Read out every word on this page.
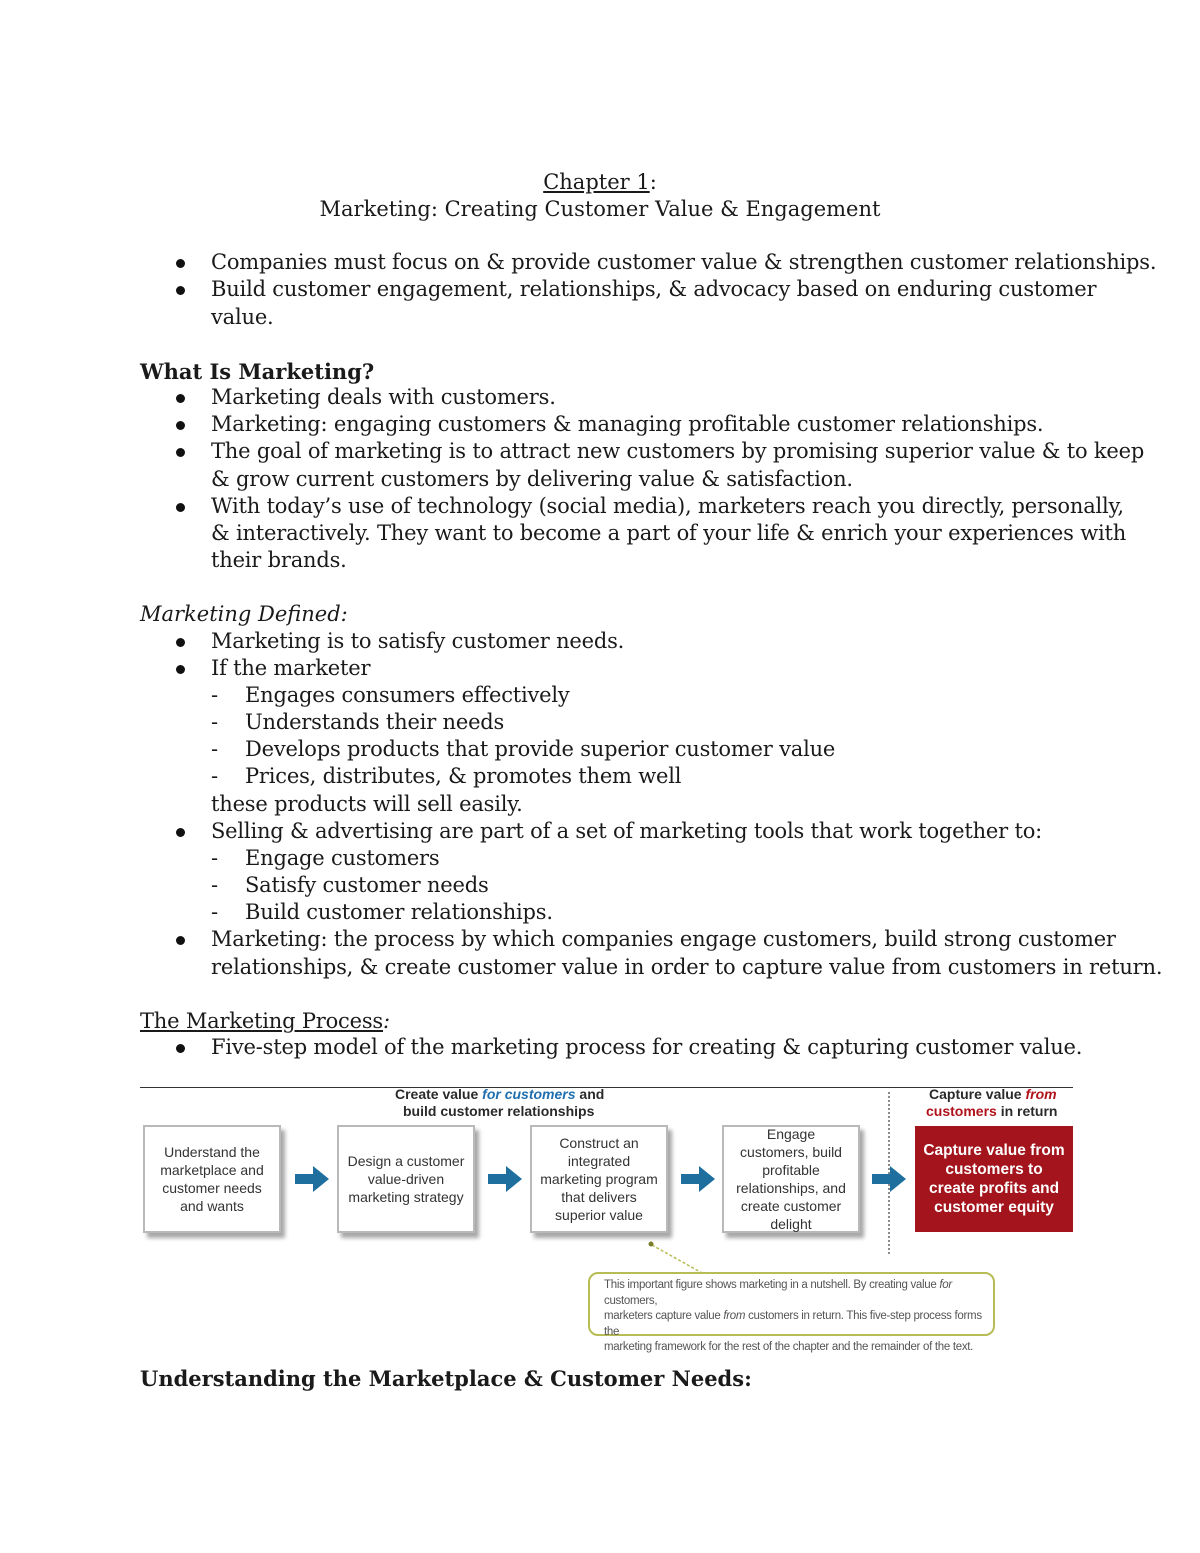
Chapter 1:
Marketing: Creating Customer Value & Engagement
Companies must focus on & provide customer value & strengthen customer relationships.
Build customer engagement, relationships, & advocacy based on enduring customer
value.
What Is Marketing?
Marketing deals with customers.
Marketing: engaging customers & managing profitable customer relationships.
The goal of marketing is to attract new customers by promising superior value & to keep
& grow current customers by delivering value & satisfaction.
With today’s use of technology (social media), marketers reach you directly, personally,
& interactively. They want to become a part of your life & enrich your experiences with
their brands.
Marketing Defined:
Marketing is to satisfy customer needs.
If the marketer
- Engages consumers effectively
- Understands their needs
- Develops products that provide superior customer value
- Prices, distributes, & promotes them well
these products will sell easily.
Selling & advertising are part of a set of marketing tools that work together to:
- Engage customers
- Satisfy customer needs
- Build customer relationships.
Marketing: the process by which companies engage customers, build strong customer
relationships, & create customer value in order to capture value from customers in return.
The Marketing Process:
Five-step model of the marketing process for creating & capturing customer value.
Create value for customers and
build customer relationships
Capture value from
customers in return
Understand the marketplace and customer needs and wants
Design a customer value-driven marketing strategy
Construct an integrated marketing program that delivers superior value
Engage customers, build profitable relationships, and create customer delight
Capture value from customers to create profits and customer equity
This important figure shows marketing in a nutshell. By creating value for customers,
marketers capture value from customers in return. This five-step process forms the
marketing framework for the rest of the chapter and the remainder of the text.
Understanding the Marketplace & Customer Needs:
